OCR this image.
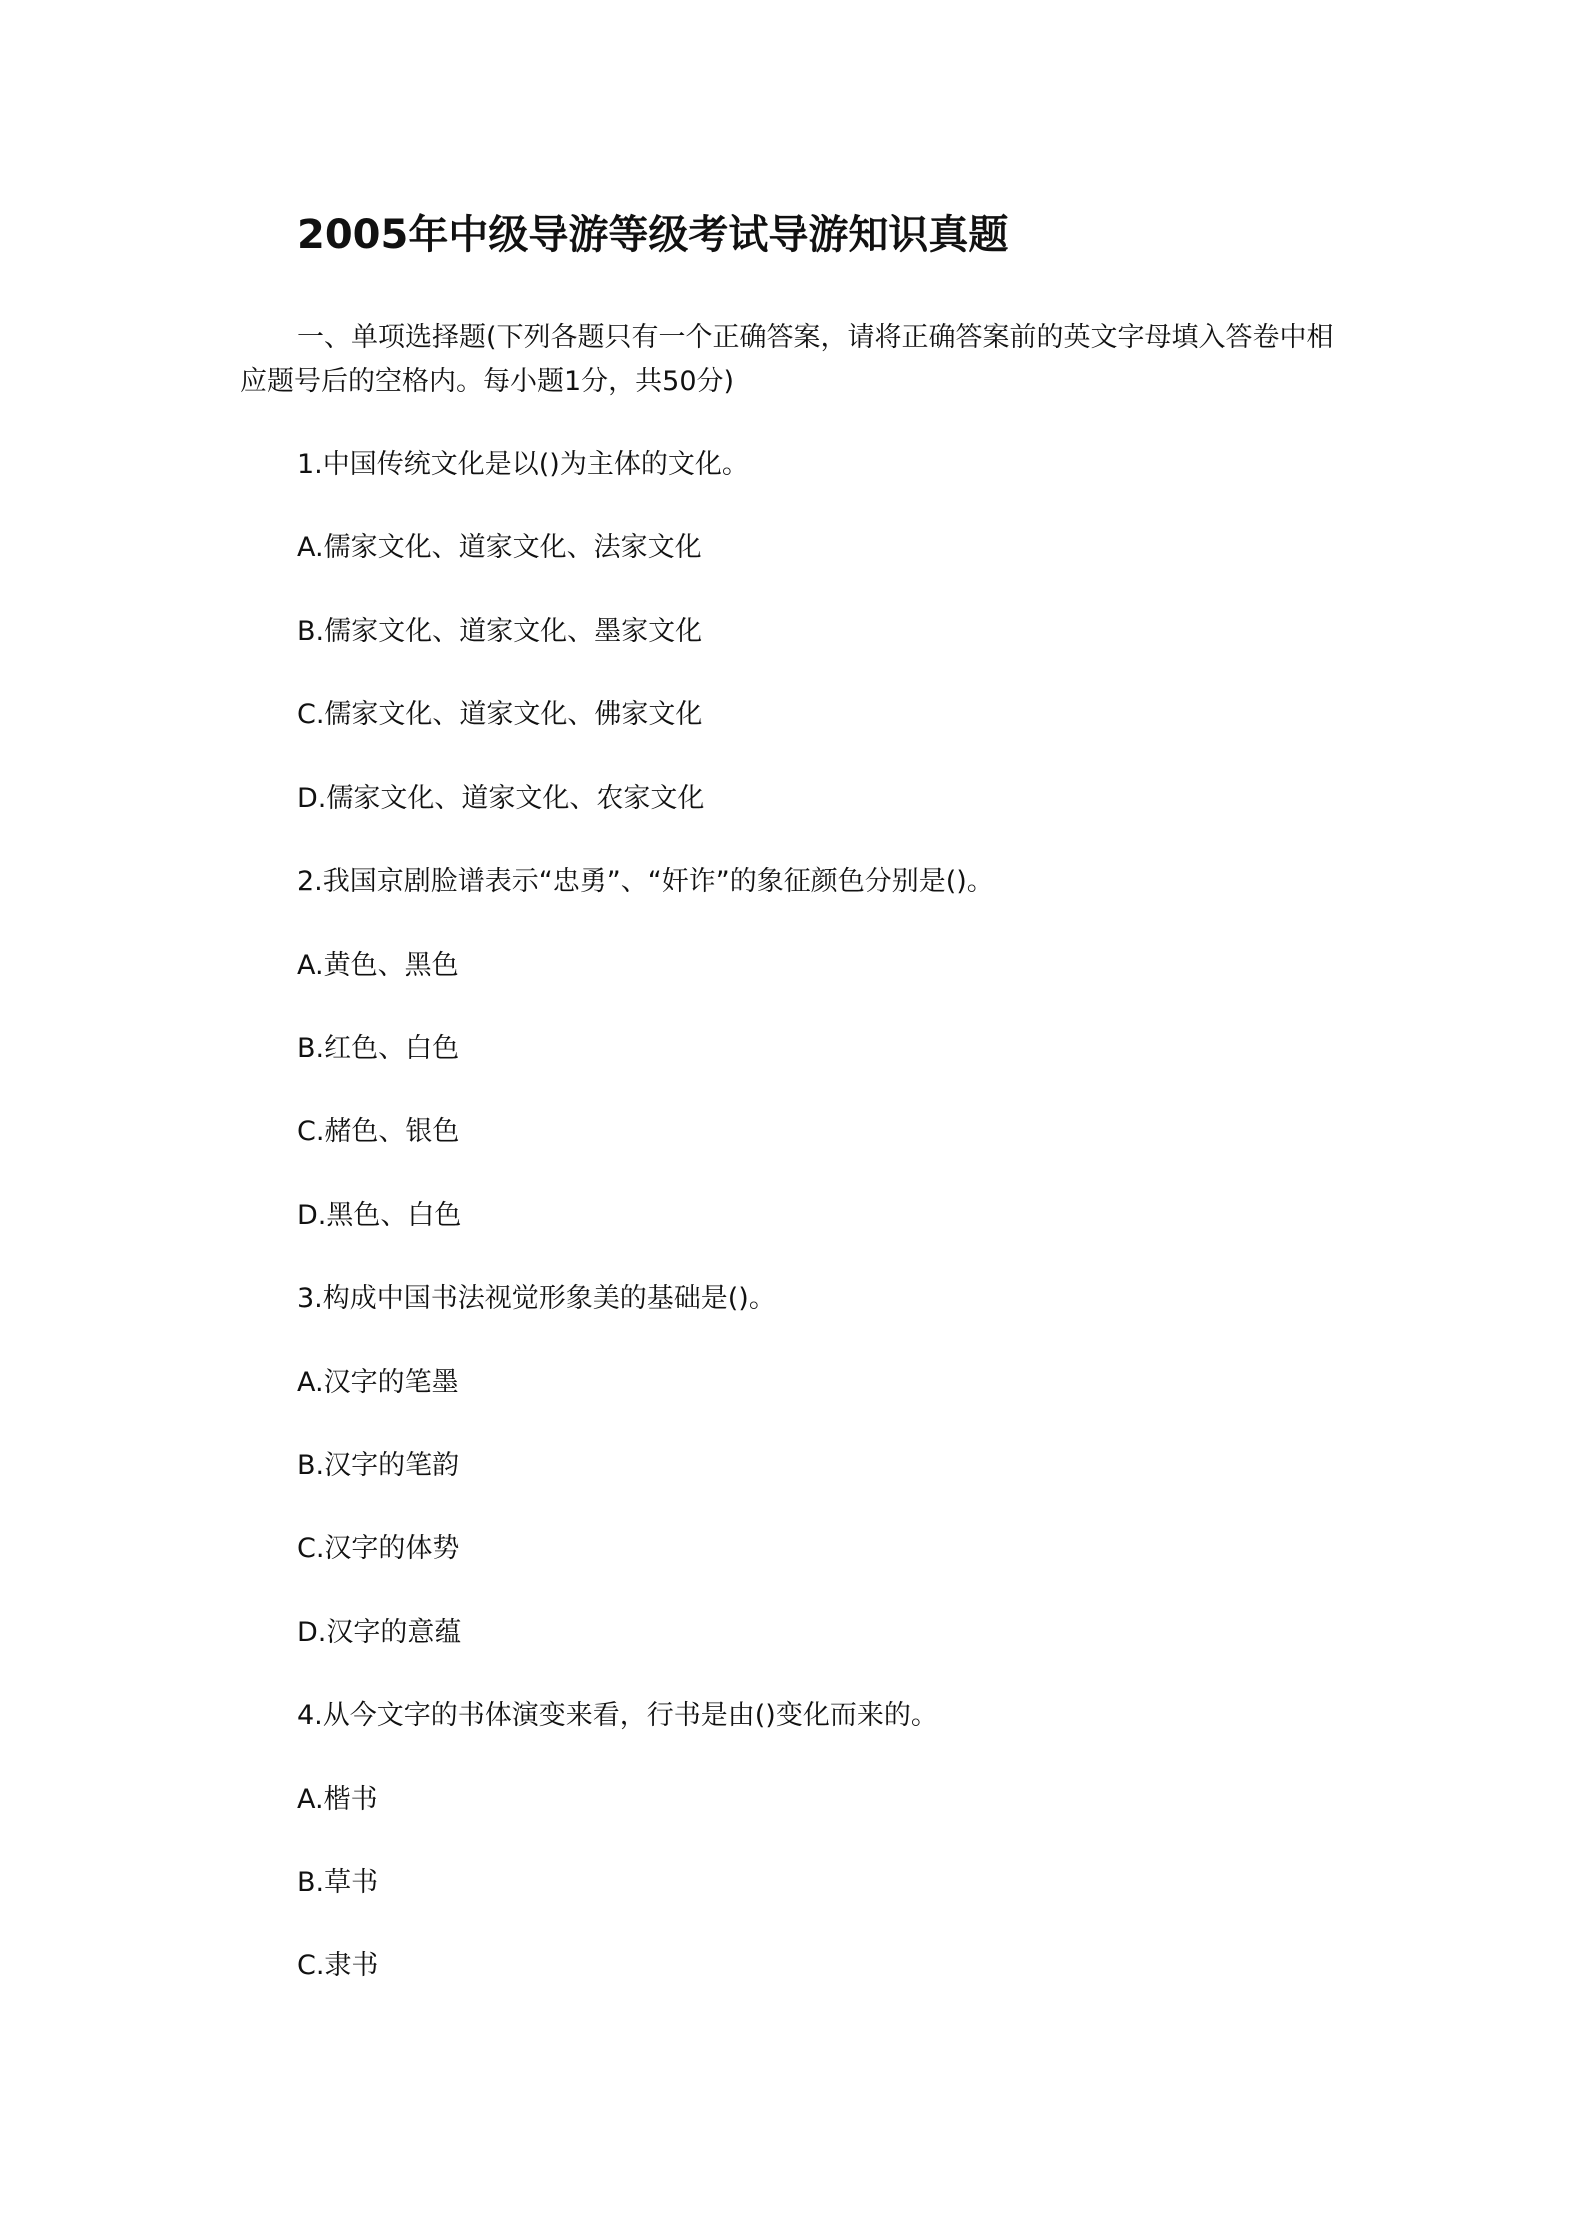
2005年中级导游等级考试导游知识真题
一、单项选择题(下列各题只有一个正确答案，请将正确答案前的英文字母填入答卷中相应题号后的空格内。每小题1分，共50分)
1.中国传统文化是以()为主体的文化。
A.儒家文化、道家文化、法家文化
B.儒家文化、道家文化、墨家文化
C.儒家文化、道家文化、佛家文化
D.儒家文化、道家文化、农家文化
2.我国京剧脸谱表示“忠勇”、“奸诈”的象征颜色分别是()。
A.黄色、黑色
B.红色、白色
C.赭色、银色
D.黑色、白色
3.构成中国书法视觉形象美的基础是()。
A.汉字的笔墨
B.汉字的笔韵
C.汉字的体势
D.汉字的意蕴
4.从今文字的书体演变来看，行书是由()变化而来的。
A.楷书
B.草书
C.隶书
